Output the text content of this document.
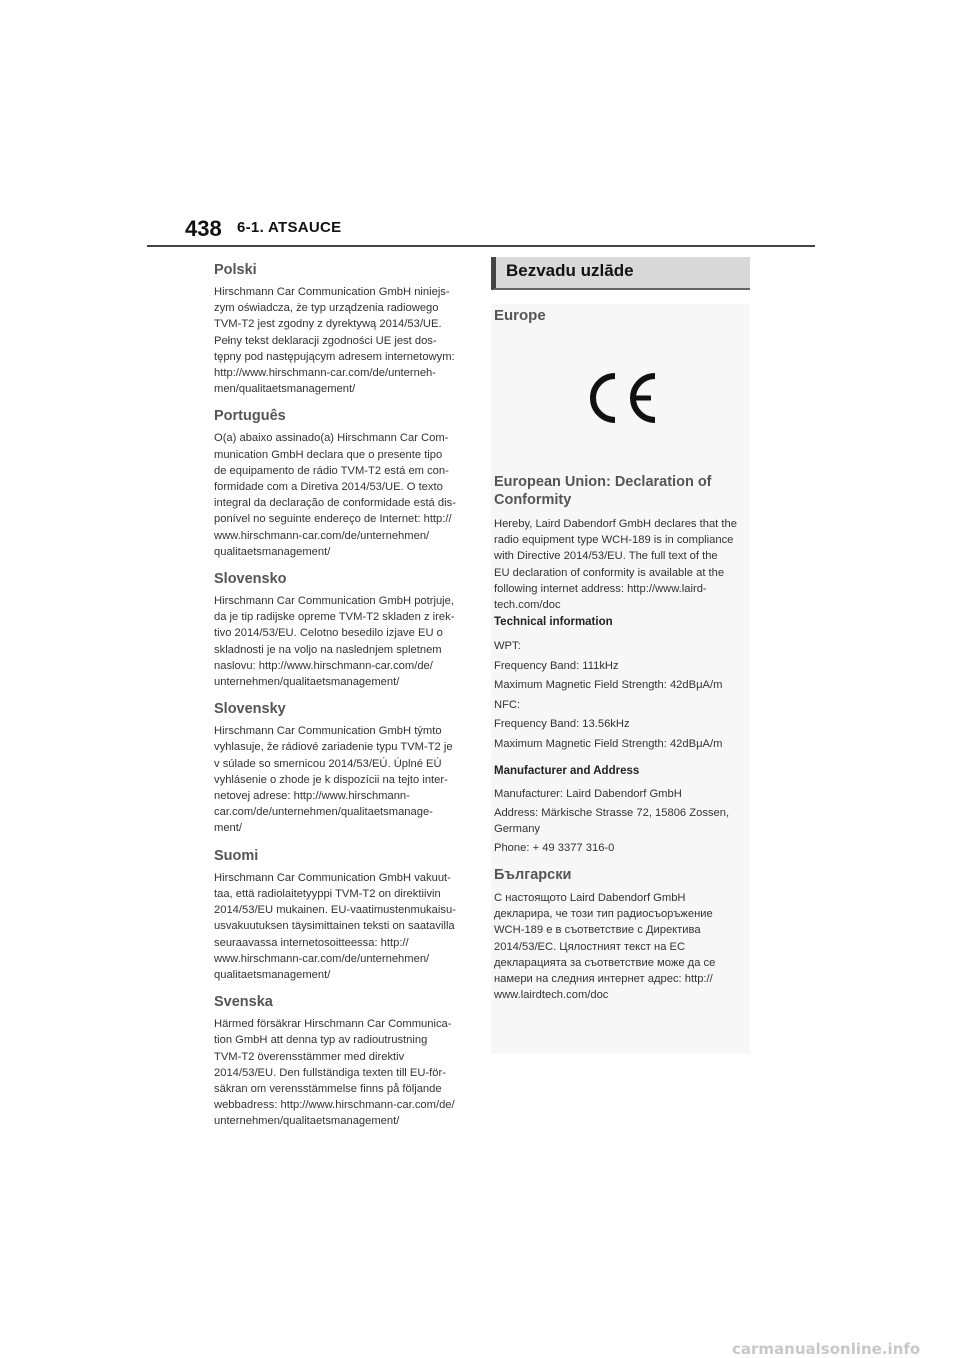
438 6-1. ATSAUCE
Polski

Hirschmann Car Communication GmbH niniejs-
zym oświadcza, że typ urządzenia radiowego
TVM-T2 jest zgodny z dyrektywą 2014/53/UE.
Pełny tekst deklaracji zgodności UE jest dos-
tępny pod następującym adresem internetowym:
http://www.hirschmann-car.com/de/unterneh-
men/qualitaetsmanagement/

Português

O(a) abaixo assinado(a) Hirschmann Car Com-
munication GmbH declara que o presente tipo
de equipamento de rádio TVM-T2 está em con-
formidade com a Diretiva 2014/53/UE. O texto
integral da declaração de conformidade está dis-
ponível no seguinte endereço de Internet: http://
www.hirschmann-car.com/de/unternehmen/
qualitaetsmanagement/

Slovensko

Hirschmann Car Communication GmbH potrjuje,
da je tip radijske opreme TVM-T2 skladen z irek-
tivo 2014/53/EU. Celotno besedilo izjave EU o
skladnosti je na voljo na naslednjem spletnem
naslovu: http://www.hirschmann-car.com/de/
unternehmen/qualitaetsmanagement/

Slovensky

Hirschmann Car Communication GmbH týmto
vyhlasuje, že rádiové zariadenie typu TVM-T2 je
v súlade so smernicou 2014/53/EÚ. Úplné EÚ
vyhlásenie o zhode je k dispozícii na tejto inter-
netovej adrese: http://www.hirschmann-
car.com/de/unternehmen/qualitaetsmanage-
ment/

Suomi

Hirschmann Car Communication GmbH vakuut-
taa, että radiolaitetyyppi TVM-T2 on direktiivin
2014/53/EU mukainen. EU-vaatimustenmukaisu-
usvakuutuksen täysimittainen teksti on saatavilla
seuraavassa internetosoitteessa: http://
www.hirschmann-car.com/de/unternehmen/
qualitaetsmanagement/

Svenska

Härmed försäkrar Hirschmann Car Communica-
tion GmbH att denna typ av radioutrustning
TVM-T2 överensstämmer med direktiv
2014/53/EU. Den fullständiga texten till EU-för-
säkran om verensstämmelse finns på följande
webbadress: http://www.hirschmann-car.com/de/
unternehmen/qualitaetsmanagement/

Bezvadu uzlāde
Europe
European Union: Declaration of Conformity

Hereby, Laird Dabendorf GmbH declares that the
radio equipment type WCH-189 is in compliance
with Directive 2014/53/EU. The full text of the
EU declaration of conformity is available at the
following internet address: http://www.laird-
tech.com/doc

Technical information
WPT:
Frequency Band: 111kHz
Maximum Magnetic Field Strength: 42dBμA/m
NFC:
Frequency Band: 13.56kHz
Maximum Magnetic Field Strength: 42dBμA/m
Manufacturer and Address
Manufacturer: Laird Dabendorf GmbH
Address: Märkische Strasse 72, 15806 Zossen,
Germany
Phone: + 49 3377 316-0
Български

С настоящото Laird Dabendorf GmbH
декларира, че този тип радиосъоръжение
WCH-189 е в съответствие с Директива
2014/53/ЕС. Цялостният текст на ЕС
декларацията за съответствие може да се
намери на следния интернет адрес: http://
www.lairdtech.com/doc

carmanualsonline.info
